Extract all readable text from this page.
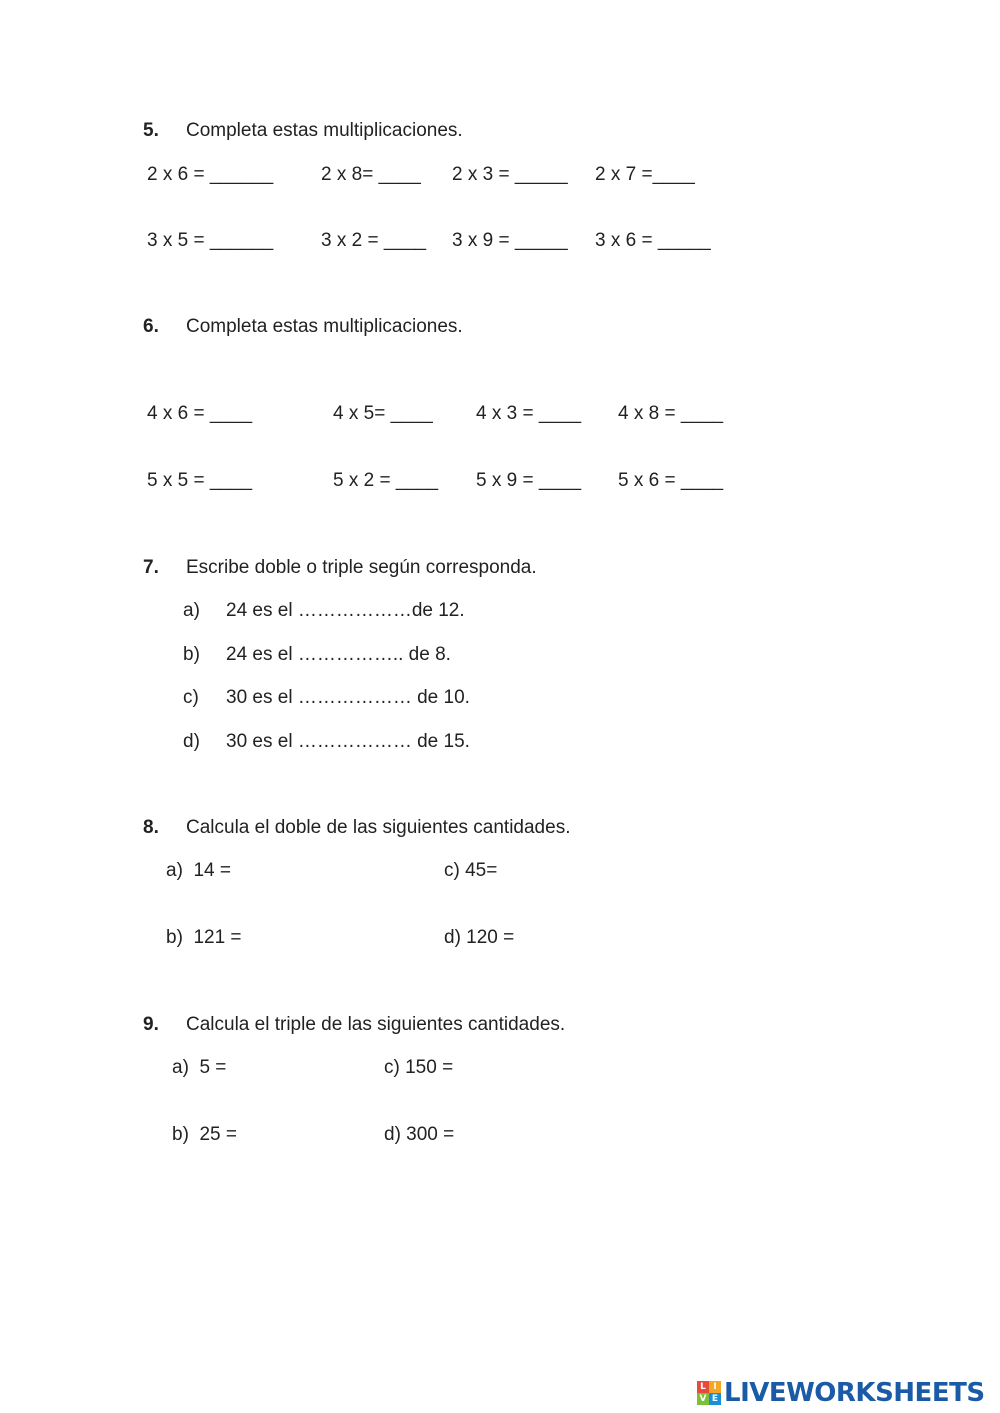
5. Completa estas multiplicaciones.
2 x 6 = ______	2 x 8= ____ 2 x 3 = _____ 2 x 7 =____
3 x 5 = ______	3 x 2 = ____ 3 x 9 = _____ 3 x 6 = _____
6. Completa estas multiplicaciones.
4 x 6 = ____	4 x 5= ____ 4 x 3 = ____ 4 x 8 = ____
5 x 5 = ____	5 x 2 = ____ 5 x 9 = ____ 5 x 6 = ____
7. Escribe doble o triple según corresponda.
a) 24 es el ………………de 12.
b) 24 es el …………….. de 8.
c) 30 es el ……………… de 10.
d) 30 es el ……………… de 15.
8. Calcula el doble de las siguientes cantidades.
a)  14 =	c) 45=
b)  121 =	d) 120 =
9. Calcula el triple de las siguientes cantidades.
a)  5 =	c) 150 =
b)  25 =	d) 300 =
L I
V E LIVEWORKSHEETS
